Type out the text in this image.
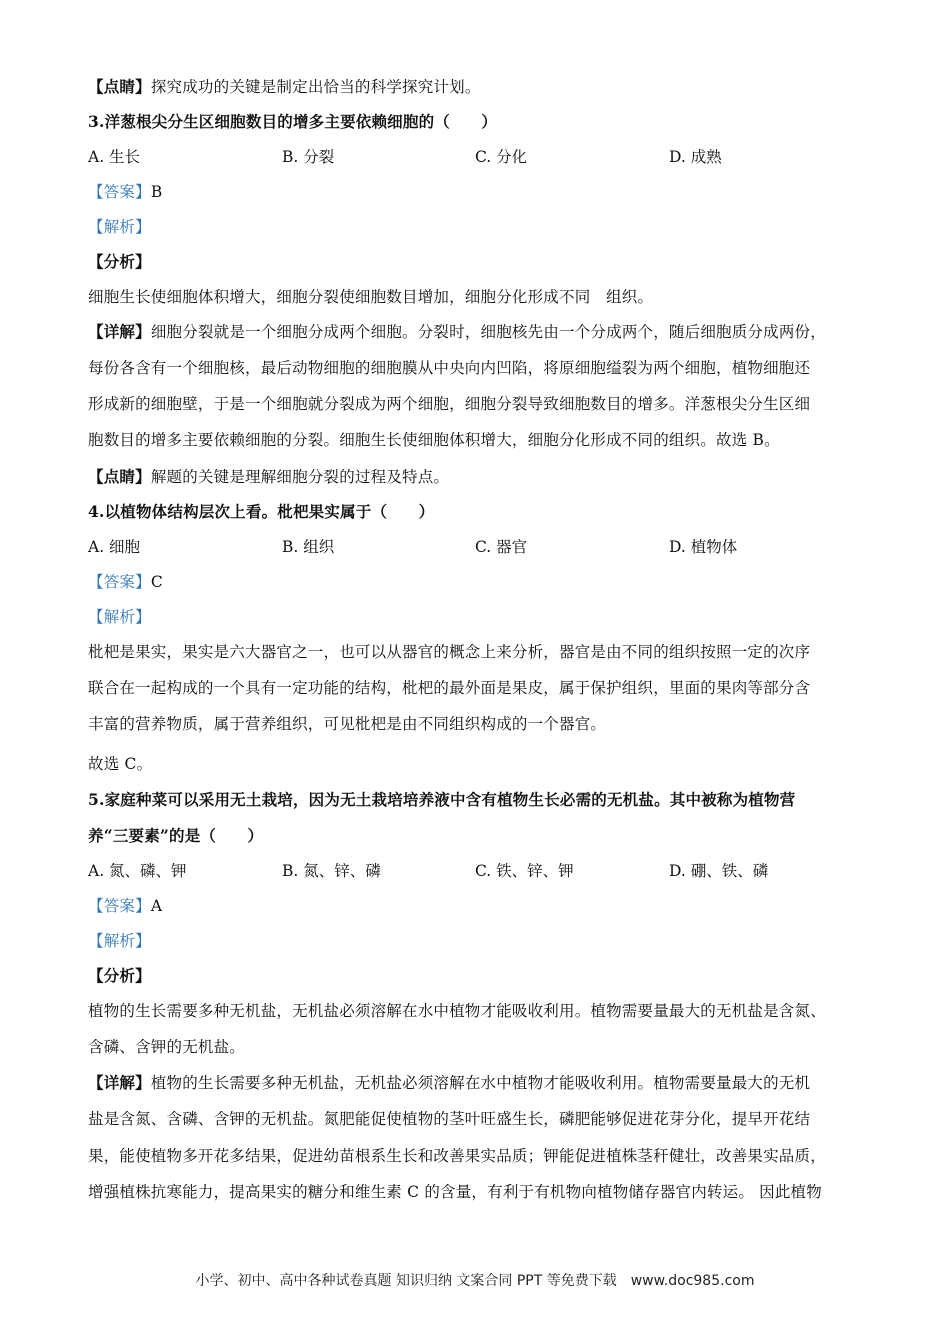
【点睛】探究成功的关键是制定出恰当的科学探究计划。
3.洋葱根尖分生区细胞数目的增多主要依赖细胞的（　　）
A. 生长	B. 分裂	C. 分化	D. 成熟
【答案】B
【解析】
【分析】
细胞生长使细胞体积增大，细胞分裂使细胞数目增加，细胞分化形成不同　组织。
【详解】细胞分裂就是一个细胞分成两个细胞。分裂时，细胞核先由一个分成两个，随后细胞质分成两份，
每份各含有一个细胞核，最后动物细胞的细胞膜从中央向内凹陷，将原细胞缢裂为两个细胞，植物细胞还
形成新的细胞壁，于是一个细胞就分裂成为两个细胞，细胞分裂导致细胞数目的增多。洋葱根尖分生区细
胞数目的增多主要依赖细胞的分裂。细胞生长使细胞体积增大，细胞分化形成不同的组织。故选 B。
【点睛】解题的关键是理解细胞分裂的过程及特点。
4.以植物体结构层次上看。枇杷果实属于（　　）
A. 细胞	B. 组织	C. 器官	D. 植物体
【答案】C
【解析】
枇杷是果实，果实是六大器官之一，也可以从器官的概念上来分析，器官是由不同的组织按照一定的次序
联合在一起构成的一个具有一定功能的结构，枇杷的最外面是果皮，属于保护组织，里面的果肉等部分含
丰富的营养物质，属于营养组织，可见枇杷是由不同组织构成的一个器官。
故选 C。
5.家庭种菜可以采用无土栽培，因为无土栽培培养液中含有植物生长必需的无机盐。其中被称为植物营
养“三要素”的是（　　）
A. 氮、磷、钾	B. 氮、锌、磷	C. 铁、锌、钾	D. 硼、铁、磷
【答案】A
【解析】
【分析】
植物的生长需要多种无机盐，无机盐必须溶解在水中植物才能吸收利用。植物需要量最大的无机盐是含氮、
含磷、含钾的无机盐。
【详解】植物的生长需要多种无机盐，无机盐必须溶解在水中植物才能吸收利用。植物需要量最大的无机
盐是含氮、含磷、含钾的无机盐。氮肥能促使植物的茎叶旺盛生长，磷肥能够促进花芽分化，提早开花结
果，能使植物多开花多结果，促进幼苗根系生长和改善果实品质；钾能促进植株茎秆健壮，改善果实品质，
增强植株抗寒能力，提高果实的糖分和维生素 C 的含量，有利于有机物向植物储存器官内转运。 因此植物
小学、初中、高中各种试卷真题 知识归纳 文案合同 PPT 等免费下载　www.doc985.com
